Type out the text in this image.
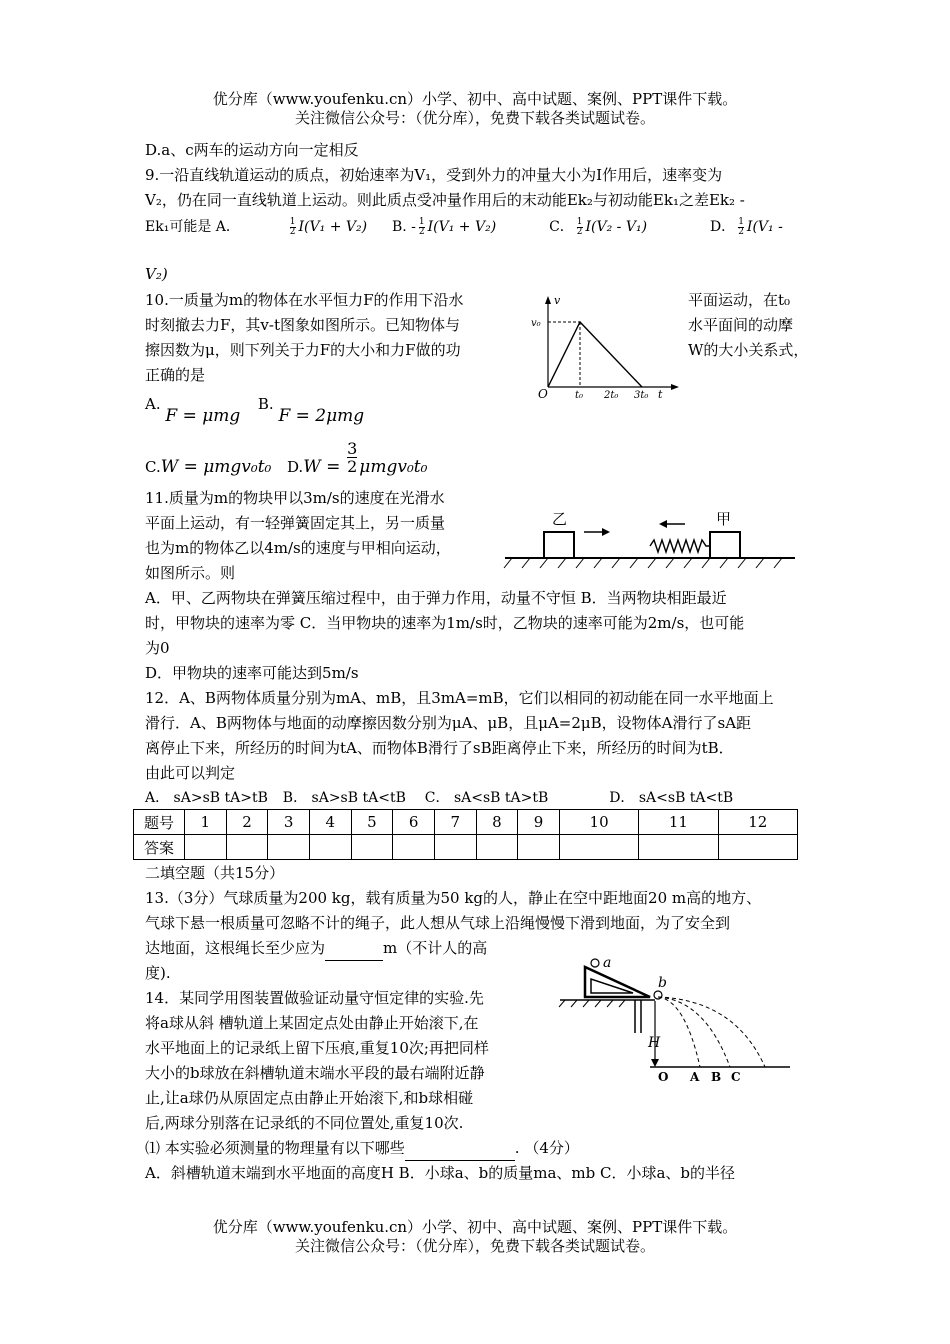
优分库（www.youfenku.cn）小学、初中、高中试题、案例、PPT课件下载。
关注微信公众号：（优分库），免费下载各类试题试卷。
D.a、c两车的运动方向一定相反
9.一沿直线轨道运动的质点，初始速率为V₁，受到外力的冲量大小为I作用后，速率变为
V₂，仍在同一直线轨道上运动。则此质点受冲量作用后的末动能Ek₂与初动能Ek₁之差Ek₂ -
Ek₁可能是 A．	$\frac{1}{2} I(V_1 + V_2)$ B. - $\frac{1}{2} I(V_1 + V_2)$	C． $\frac{1}{2} I(V_2 - V_1)$	D． $\frac{1}{2} I(V_1$ -
V₂)
10.一质量为m的物体在水平恒力F的作用下沿水	平面运动，在t₀
时刻撤去力F，其v-t图象如图所示。已知物体与	水平面间的动摩
擦因数为μ，则下列关于力F的大小和力F做的功	W的大小关系式，
正确的是
v
v₀
O	t₀ 2t₀ 3t₀ t
A. F = μmg  B. F = 2μmg
C.W = μmgv₀t₀ $D.W = \frac{3}{2} \mu mgv_0t_0$
11.质量为m的物块甲以3m/s的速度在光滑水
平面上运动，有一轻弹簧固定其上，另一质量
也为m的物体乙以4m/s的速度与甲相向运动，
如图所示。则
乙	甲
A．甲、乙两物块在弹簧压缩过程中，由于弹力作用，动量不守恒 B．当两物块相距最近
时，甲物块的速率为零 C．当甲物块的速率为1m/s时，乙物块的速率可能为2m/s，也可能
为0
D．甲物块的速率可能达到5m/s
12．A、B两物体质量分别为mA、mB，且3mA=mB，它们以相同的初动能在同一水平地面上
滑行．A、B两物体与地面的动摩擦因数分别为μA、μB，且μA=2μB，设物体A滑行了sA距
离停止下来，所经历的时间为tA、而物体B滑行了sB距离停止下来，所经历的时间为tB．
由此可以判定
A． sA>sB tA>tB B． sA>sB tA<tB C． sA<sB tA>tB	D． sA<sB tA<tB
题号	1	2	3	4	5	6	7	8	9	10	11	12
答案												
二填空题（共15分）
13.（3分）气球质量为200 kg，载有质量为50 kg的人，静止在空中距地面20 m高的地方、
气球下悬一根质量可忽略不计的绳子，此人想从气球上沿绳慢慢下滑到地面，为了安全到
达地面，这根绳长至少应为	m（不计人的高
度).
14．某同学用图装置做验证动量守恒定律的实验.先
将a球从斜 槽轨道上某固定点处由静止开始滚下,在
水平地面上的记录纸上留下压痕,重复10次;再把同样
大小的b球放在斜槽轨道末端水平段的最右端附近静
止,让a球仍从原固定点由静止开始滚下,和b球相碰
后,两球分别落在记录纸的不同位置处,重复10次.
a
b
H
O A B C
⑴ 本实验必须测量的物理量有以下哪些	. （4分）
A．斜槽轨道末端到水平地面的高度H B．小球a、b的质量ma、mb C．小球a、b的半径
优分库（www.youfenku.cn）小学、初中、高中试题、案例、PPT课件下载。
关注微信公众号：（优分库），免费下载各类试题试卷。
